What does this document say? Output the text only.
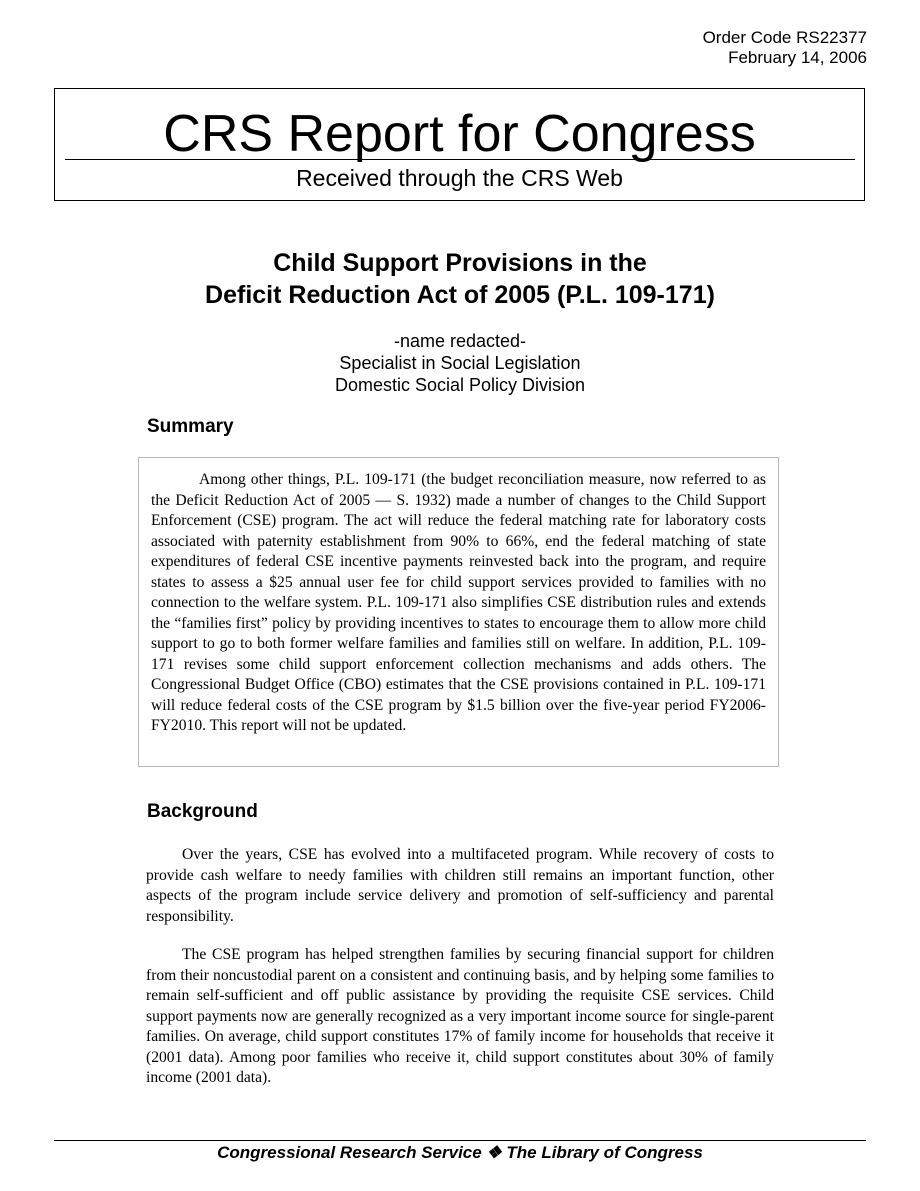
Order Code RS22377
February 14, 2006
CRS Report for Congress
Received through the CRS Web
Child Support Provisions in the
Deficit Reduction Act of 2005 (P.L. 109-171)
-name redacted-
Specialist in Social Legislation
Domestic Social Policy Division
Summary

Among other things, P.L. 109-171 (the budget reconciliation measure, now referred to as the Deficit Reduction Act of 2005 — S. 1932) made a number of changes to the Child Support Enforcement (CSE) program. The act will reduce the federal matching rate for laboratory costs associated with paternity establishment from 90% to 66%, end the federal matching of state expenditures of federal CSE incentive payments reinvested back into the program, and require states to assess a $25 annual user fee for child support services provided to families with no connection to the welfare system. P.L. 109-171 also simplifies CSE distribution rules and extends the “families first” policy by providing incentives to states to encourage them to allow more child support to go to both former welfare families and families still on welfare. In addition, P.L. 109-171 revises some child support enforcement collection mechanisms and adds others. The Congressional Budget Office (CBO) estimates that the CSE provisions contained in P.L. 109-171 will reduce federal costs of the CSE program by $1.5 billion over the five-year period FY2006-FY2010. This report will not be updated.

Background

Over the years, CSE has evolved into a multifaceted program. While recovery of costs to provide cash welfare to needy families with children still remains an important function, other aspects of the program include service delivery and promotion of self-sufficiency and parental responsibility.

The CSE program has helped strengthen families by securing financial support for children from their noncustodial parent on a consistent and continuing basis, and by helping some families to remain self-sufficient and off public assistance by providing the requisite CSE services. Child support payments now are generally recognized as a very important income source for single-parent families. On average, child support constitutes 17% of family income for households that receive it (2001 data). Among poor families who receive it, child support constitutes about 30% of family income (2001 data).

Congressional Research Service ❖ The Library of Congress
